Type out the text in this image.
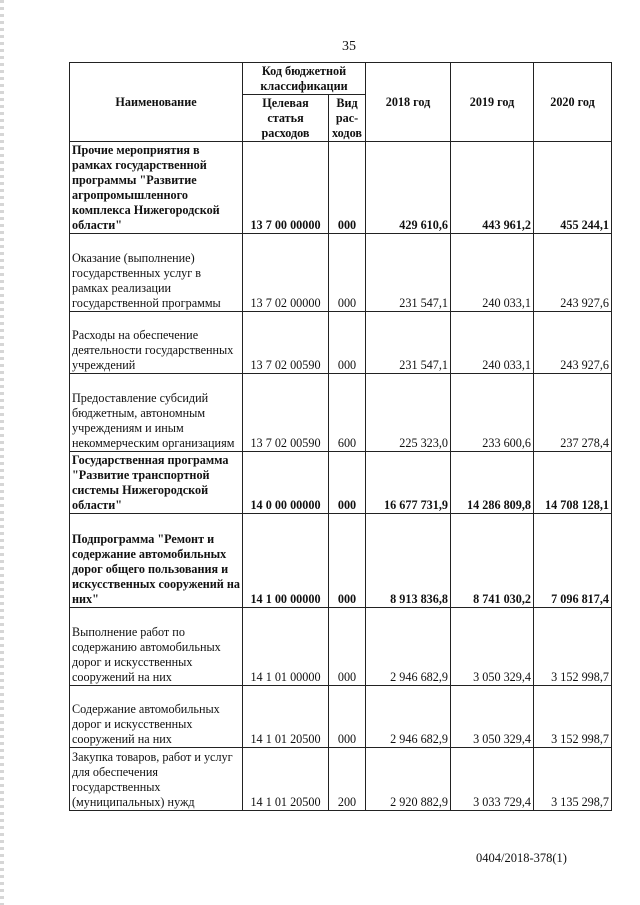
35
Наименование	Код бюджетной классификации		2018 год	2019 год	2020 год
	Целевая статья расходов	Вид рас-ходов			
Прочие мероприятия в рамках государственной программы "Развитие агропромышленного комплекса Нижегородской области"	13 7 00 00000	000	429 610,6	443 961,2	455 244,1
Оказание (выполнение) государственных услуг в рамках реализации государственной программы	13 7 02 00000	000	231 547,1	240 033,1	243 927,6
Расходы на обеспечение деятельности государственных учреждений	13 7 02 00590	000	231 547,1	240 033,1	243 927,6
Предоставление субсидий бюджетным, автономным учреждениям и иным некоммерческим организациям	13 7 02 00590	600	225 323,0	233 600,6	237 278,4
Государственная программа "Развитие транспортной системы Нижегородской области"	14 0 00 00000	000	16 677 731,9	14 286 809,8	14 708 128,1
Подпрограмма "Ремонт и содержание автомобильных дорог общего пользования и искусственных сооружений на них"	14 1 00 00000	000	8 913 836,8	8 741 030,2	7 096 817,4
Выполнение работ по содержанию автомобильных дорог и искусственных сооружений на них	14 1 01 00000	000	2 946 682,9	3 050 329,4	3 152 998,7
Содержание автомобильных дорог и искусственных сооружений на них	14 1 01 20500	000	2 946 682,9	3 050 329,4	3 152 998,7
Закупка товаров, работ и услуг для обеспечения государственных (муниципальных) нужд	14 1 01 20500	200	2 920 882,9	3 033 729,4	3 135 298,7
0404/2018-378(1)
